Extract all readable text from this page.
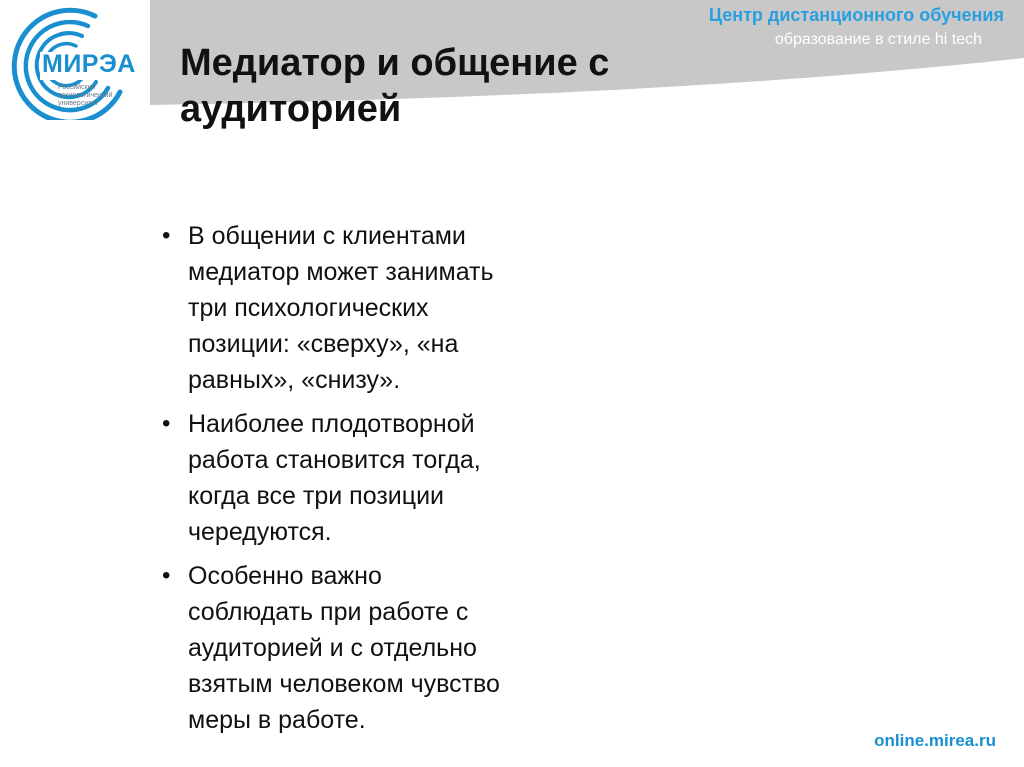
МИРЭА
Российский
технологический
университет
Центр дистанционного обучения
образование в стиле hi tech
Медиатор и общение с
аудиторией
• В общении с клиентами
медиатор может занимать
три психологических
позиции: «сверху», «на
равных», «снизу».
• Наиболее плодотворной
работа становится тогда,
когда все три позиции
чередуются.
• Особенно важно
соблюдать при работе с
аудиторией и с отдельно
взятым человеком чувство
меры в работе.
online.mirea.ru
